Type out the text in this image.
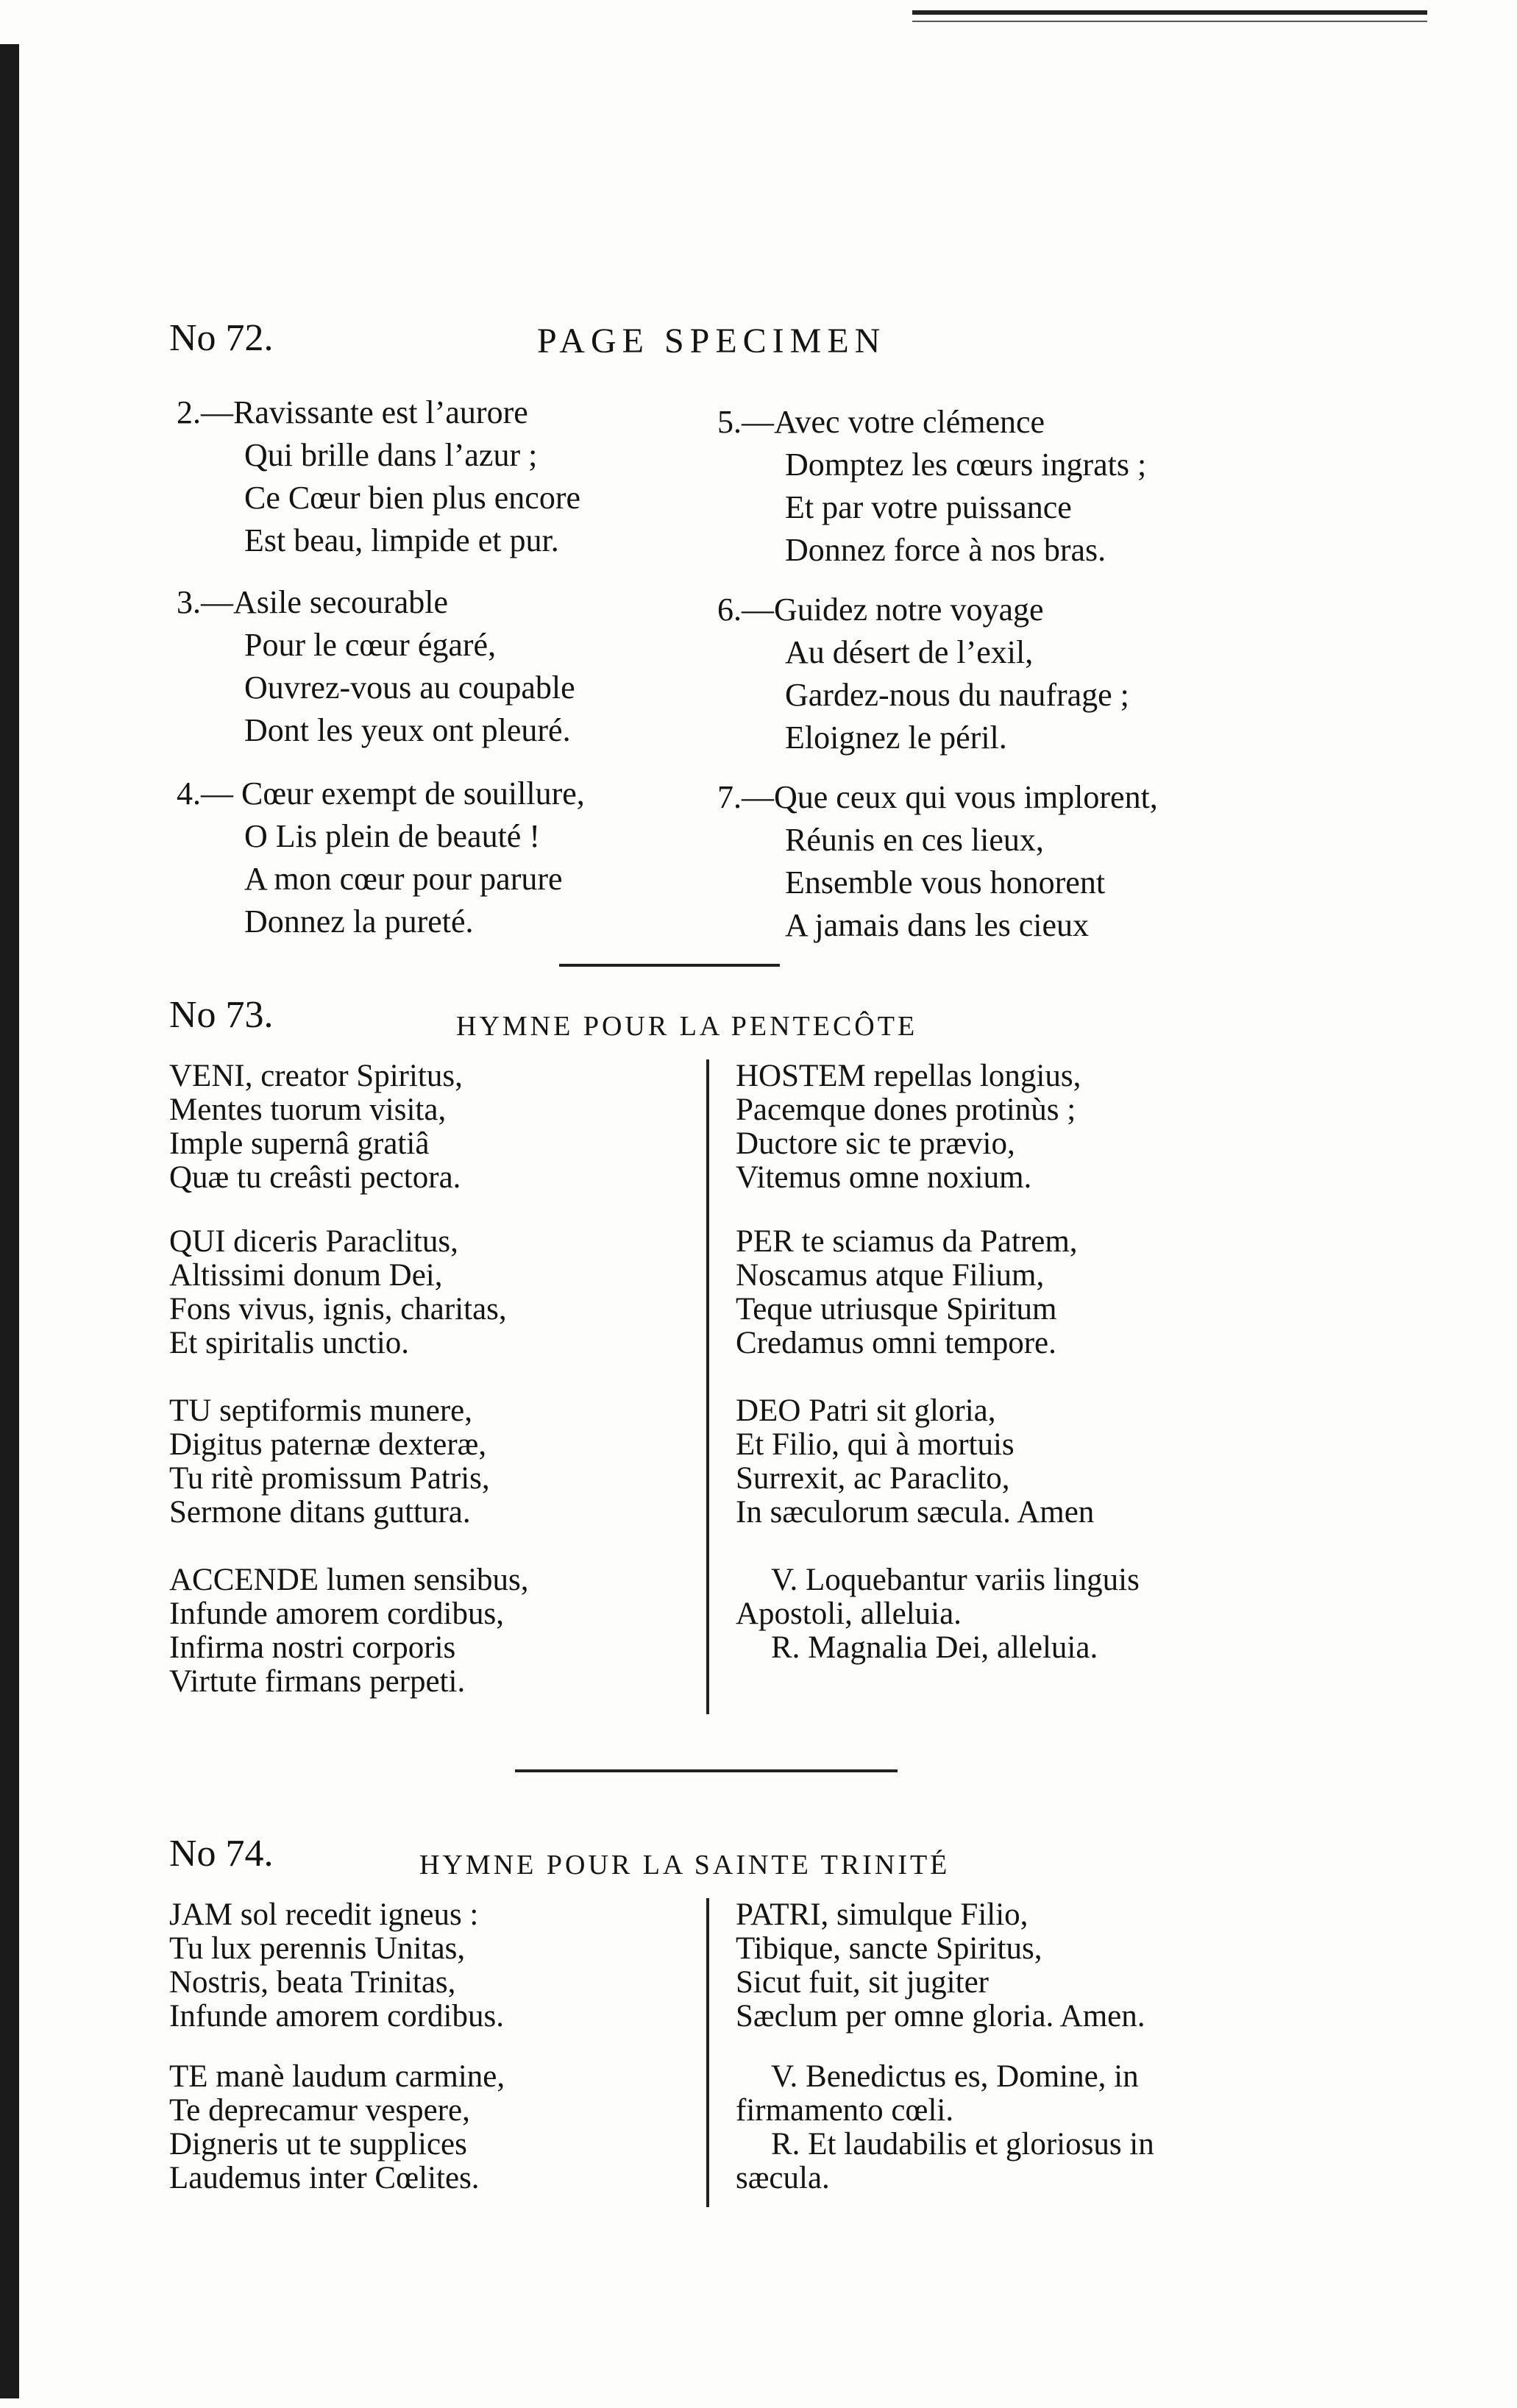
No 72.	PAGE SPECIMEN
2.—Ravissante est l’aurore
Qui brille dans l’azur ;
Ce Cœur bien plus encore
Est beau, limpide et pur.
3.—Asile secourable
Pour le cœur égaré,
Ouvrez-vous au coupable
Dont les yeux ont pleuré.
4.— Cœur exempt de souillure,
O Lis plein de beauté !
A mon cœur pour parure
Donnez la pureté.
5.—Avec votre clémence
Domptez les cœurs ingrats ;
Et par votre puissance
Donnez force à nos bras.
6.—Guidez notre voyage
Au désert de l’exil,
Gardez-nous du naufrage ;
Eloignez le péril.
7.—Que ceux qui vous implorent,
Réunis en ces lieux,
Ensemble vous honorent
A jamais dans les cieux
No 73.	HYMNE POUR LA PENTECÔTE
VENI, creator Spiritus,
Mentes tuorum visita,
Imple supernâ gratiâ
Quæ tu creâsti pectora.
QUI diceris Paraclitus,
Altissimi donum Dei,
Fons vivus, ignis, charitas,
Et spiritalis unctio.
TU septiformis munere,
Digitus paternæ dexteræ,
Tu ritè promissum Patris,
Sermone ditans guttura.
ACCENDE lumen sensibus,
Infunde amorem cordibus,
Infirma nostri corporis
Virtute firmans perpeti.
HOSTEM repellas longius,
Pacemque dones protinùs ;
Ductore sic te prævio,
Vitemus omne noxium.
PER te sciamus da Patrem,
Noscamus atque Filium,
Teque utriusque Spiritum
Credamus omni tempore.
DEO Patri sit gloria,
Et Filio, qui à mortuis
Surrexit, ac Paraclito,
In sæculorum sæcula. Amen
V. Loquebantur variis linguis
Apostoli, alleluia.
R. Magnalia Dei, alleluia.
No 74.	HYMNE POUR LA SAINTE TRINITÉ
JAM sol recedit igneus :
Tu lux perennis Unitas,
Nostris, beata Trinitas,
Infunde amorem cordibus.
TE manè laudum carmine,
Te deprecamur vespere,
Digneris ut te supplices
Laudemus inter Cœlites.
PATRI, simulque Filio,
Tibique, sancte Spiritus,
Sicut fuit, sit jugiter
Sæclum per omne gloria. Amen.
V. Benedictus es, Domine, in
firmamento cœli.
R. Et laudabilis et gloriosus in
sæcula.
